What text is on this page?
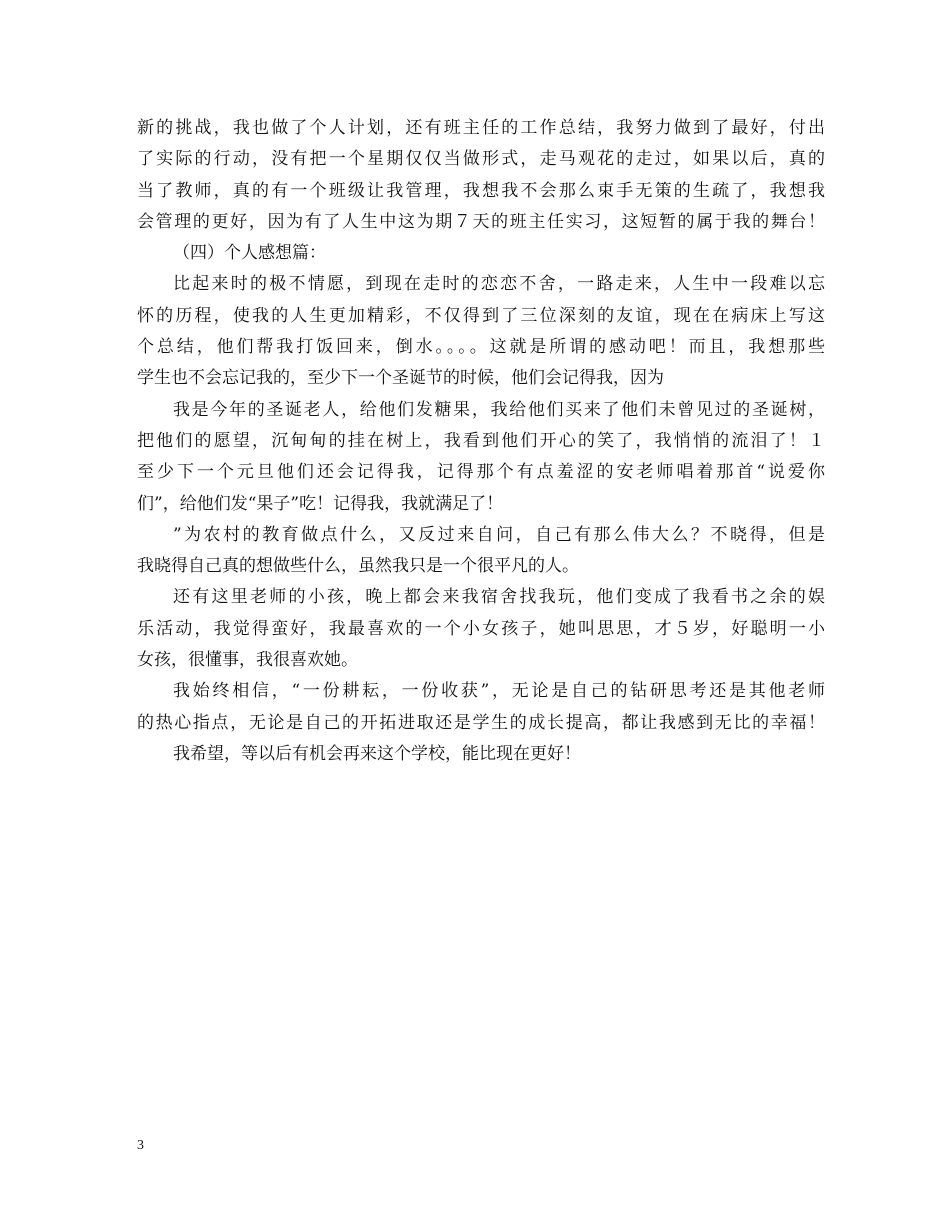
新的挑战，我也做了个人计划，还有班主任的工作总结，我努力做到了最好，付出
了实际的行动，没有把一个星期仅仅当做形式，走马观花的走过，如果以后，真的
当了教师，真的有一个班级让我管理，我想我不会那么束手无策的生疏了，我想我
会管理的更好，因为有了人生中这为期７天的班主任实习，这短暂的属于我的舞台！
（四）个人感想篇：
比起来时的极不情愿，到现在走时的恋恋不舍，一路走来，人生中一段难以忘
怀的历程，使我的人生更加精彩，不仅得到了三位深刻的友谊，现在在病床上写这
个总结，他们帮我打饭回来，倒水。。。。这就是所谓的感动吧！而且，我想那些
学生也不会忘记我的，至少下一个圣诞节的时候，他们会记得我，因为
我是今年的圣诞老人，给他们发糖果，我给他们买来了他们未曾见过的圣诞树，
把他们的愿望，沉甸甸的挂在树上，我看到他们开心的笑了，我悄悄的流泪了！１
至少下一个元旦他们还会记得我，记得那个有点羞涩的安老师唱着那首“说爱你
们”，给他们发“果子”吃！记得我，我就满足了！
”为农村的教育做点什么，又反过来自问，自己有那么伟大么？不晓得，但是
我晓得自己真的想做些什么，虽然我只是一个很平凡的人。
还有这里老师的小孩，晚上都会来我宿舍找我玩，他们变成了我看书之余的娱
乐活动，我觉得蛮好，我最喜欢的一个小女孩子，她叫思思，才５岁，好聪明一小
女孩，很懂事，我很喜欢她。
我始终相信，“一份耕耘，一份收获”，无论是自己的钻研思考还是其他老师
的热心指点，无论是自己的开拓进取还是学生的成长提高，都让我感到无比的幸福！
我希望，等以后有机会再来这个学校，能比现在更好！
3
